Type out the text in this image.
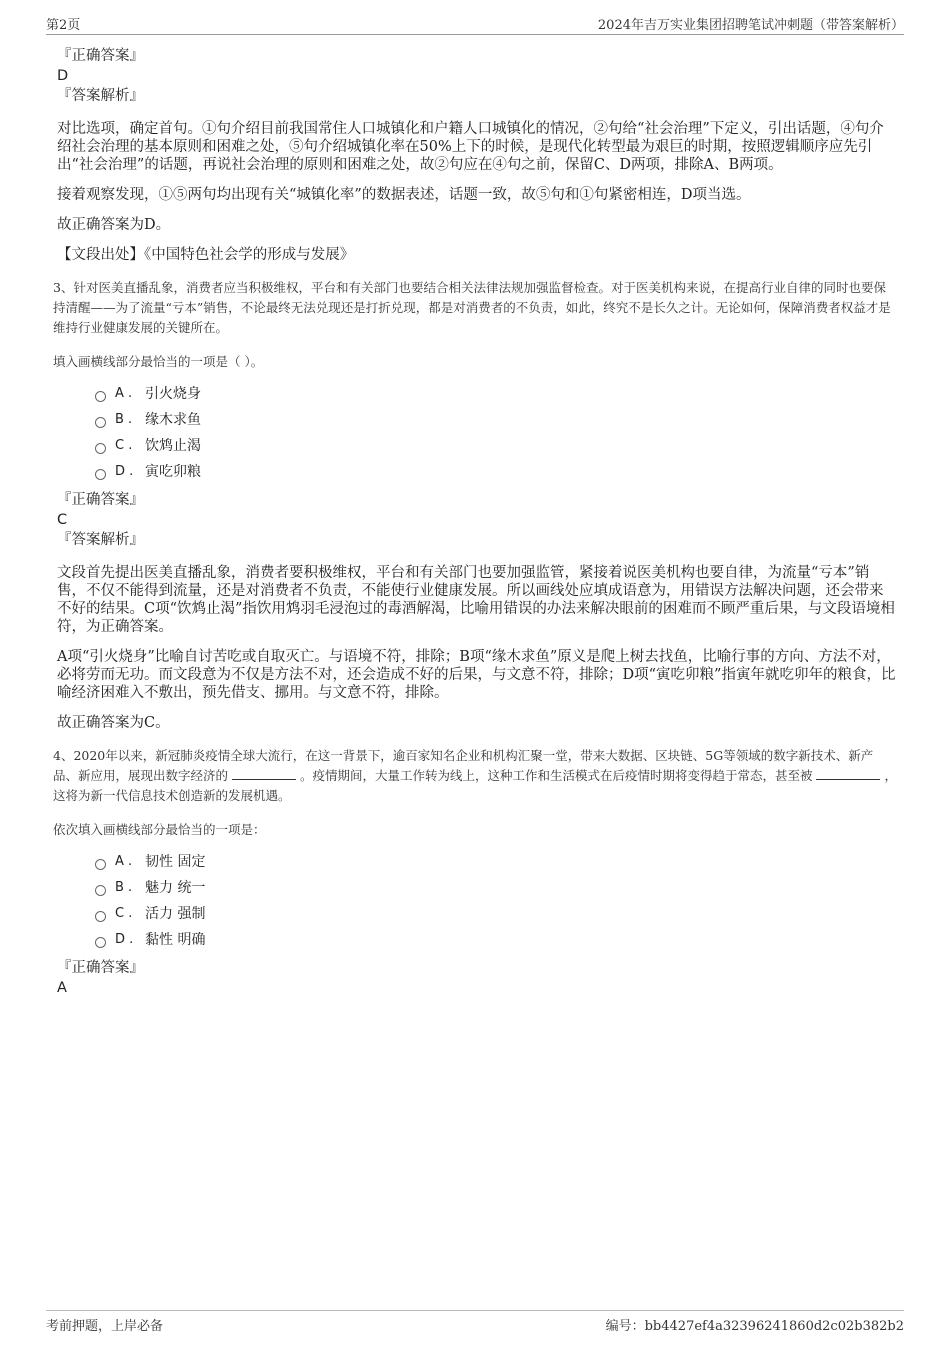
第2页	2024年吉万实业集团招聘笔试冲刺题（带答案解析）

『正确答案』

D

『答案解析』

对比选项，确定首句。①句介绍目前我国常住人口城镇化和户籍人口城镇化的情况，②句给“社会治理”下定义，引出话题，④句介绍社会治理的基本原则和困难之处，⑤句介绍城镇化率在50%上下的时候，是现代化转型最为艰巨的时期，按照逻辑顺序应先引出“社会治理”的话题，再说社会治理的原则和困难之处，故②句应在④句之前，保留C、D两项，排除A、B两项。

接着观察发现，①⑤两句均出现有关“城镇化率”的数据表述，话题一致，故⑤句和①句紧密相连，D项当选。

故正确答案为D。

【文段出处】《中国特色社会学的形成与发展》

3、针对医美直播乱象，消费者应当积极维权，平台和有关部门也要结合相关法律法规加强监督检查。对于医美机构来说，在提高行业自律的同时也要保持清醒——为了流量“亏本”销售，不论最终无法兑现还是打折兑现，都是对消费者的不负责，如此，终究不是长久之计。无论如何，保障消费者权益才是维持行业健康发展的关键所在。

填入画横线部分最恰当的一项是（ ）。

A . 引火烧身
B . 缘木求鱼
C . 饮鸩止渴
D . 寅吃卯粮

『正确答案』

C

『答案解析』

文段首先提出医美直播乱象，消费者要积极维权，平台和有关部门也要加强监管，紧接着说医美机构也要自律，为流量“亏本”销售，不仅不能得到流量，还是对消费者不负责，不能使行业健康发展。所以画线处应填成语意为，用错误方法解决问题，还会带来不好的结果。C项“饮鸩止渴”指饮用鸩羽毛浸泡过的毒酒解渴，比喻用错误的办法来解决眼前的困难而不顾严重后果，与文段语境相符，为正确答案。

A项“引火烧身”比喻自讨苦吃或自取灭亡。与语境不符，排除；B项“缘木求鱼”原义是爬上树去找鱼，比喻行事的方向、方法不对，必将劳而无功。而文段意为不仅是方法不对，还会造成不好的后果，与文意不符，排除；D项“寅吃卯粮”指寅年就吃卯年的粮食，比喻经济困难入不敷出，预先借支、挪用。与文意不符，排除。

故正确答案为C。

4、2020年以来，新冠肺炎疫情全球大流行，在这一背景下，逾百家知名企业和机构汇聚一堂，带来大数据、区块链、5G等领域的数字新技术、新产品、新应用，展现出数字经济的	。疫情期间，大量工作转为线上，这种工作和生活模式在后疫情时期将变得趋于常态，甚至被	，这将为新一代信息技术创造新的发展机遇。

依次填入画横线部分最恰当的一项是：

A . 韧性 固定
B . 魅力 统一
C . 活力 强制
D . 黏性 明确

『正确答案』

A

考前押题，上岸必备	编号：bb4427ef4a32396241860d2c02b382b2
